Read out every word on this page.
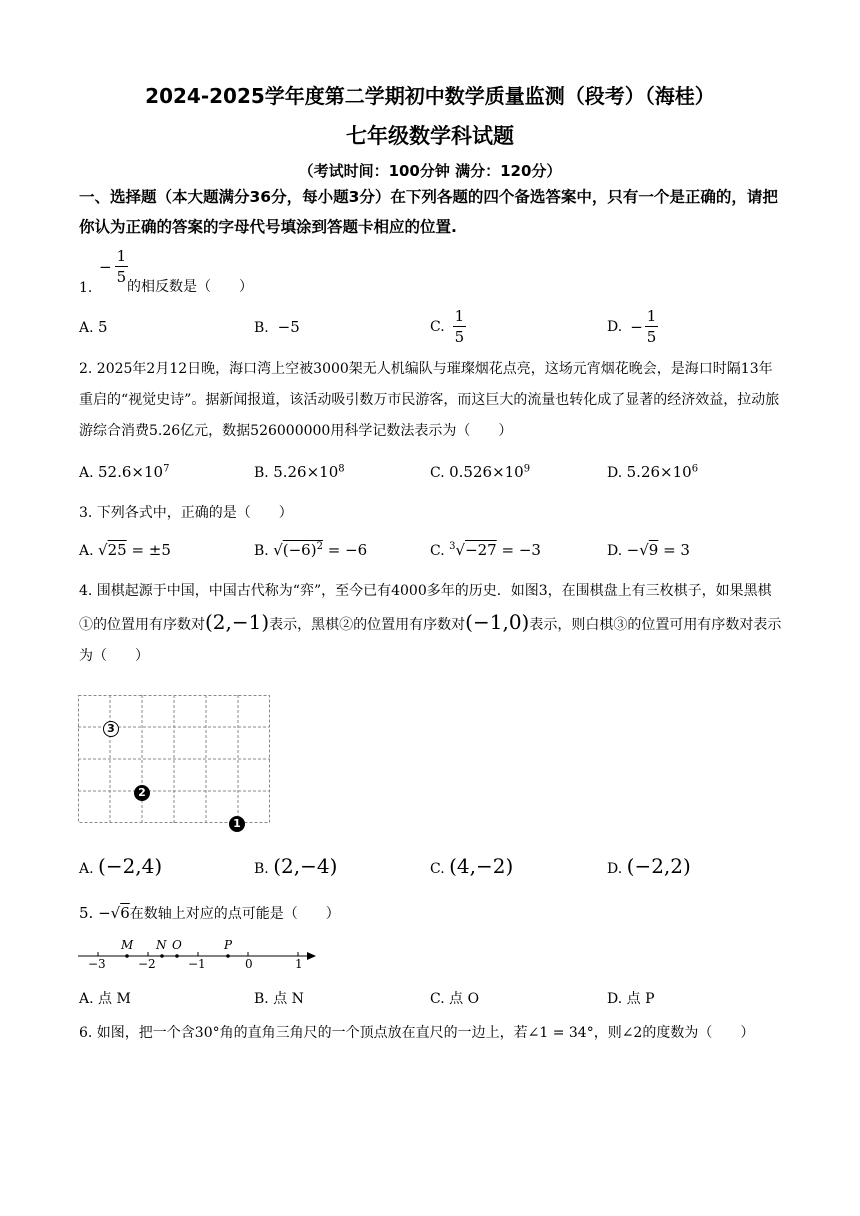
2024-2025学年度第二学期初中数学质量监测（段考）（海桂）
七年级数学科试题
（考试时间：100分钟 满分：120分）
一、选择题（本大题满分36分，每小题3分）在下列各题的四个备选答案中，只有一个是正确的，请把你认为正确的答案的字母代号填涂到答题卡相应的位置.
1.
− $\frac{1}{5}$
的相反数是（　　）
A. 5	B. −5	C. $\frac{1}{5}$	D. − $\frac{1}{5}$
2. 2025年2月12日晚，海口湾上空被3000架无人机编队与璀璨烟花点亮，这场元宵烟花晚会，是海口时隔13年重启的“视觉史诗”。据新闻报道，该活动吸引数万市民游客，而这巨大的流量也转化成了显著的经济效益，拉动旅游综合消费5.26亿元，数据526000000用科学记数法表示为（　　）
A. $52.6\times 10^7$	B. $5.26\times 10^8$	C. $0.526\times 10^9$	D. $5.26\times 10^6$
3. 下列各式中，正确的是（　　）
A. √25 = ±5	B. $√(-6)^2 = -6$	C. $^3$√−27 = −3	D. −√9 = 3
4. 围棋起源于中国，中国古代称为“弈”，至今已有4000多年的历史．如图3，在围棋盘上有三枚棋子，如果黑棋①的位置用有序数对(2,−1)表示，黑棋②的位置用有序数对(−1,0)表示，则白棋③的位置可用有序数对表示为（　　）
3
2
1
A. (−2,4)	B. (2,−4)	C. (4,−2)	D. (−2,2)
5. −√6在数轴上对应的点可能是（　　）
M N O	P
−3	−2	−1	0	1
A. 点 M	B. 点 N	C. 点 O	D. 点 P
6. 如图，把一个含30°角的直角三角尺的一个顶点放在直尺的一边上，若∠1 = 34°，则∠2的度数为（　　）
